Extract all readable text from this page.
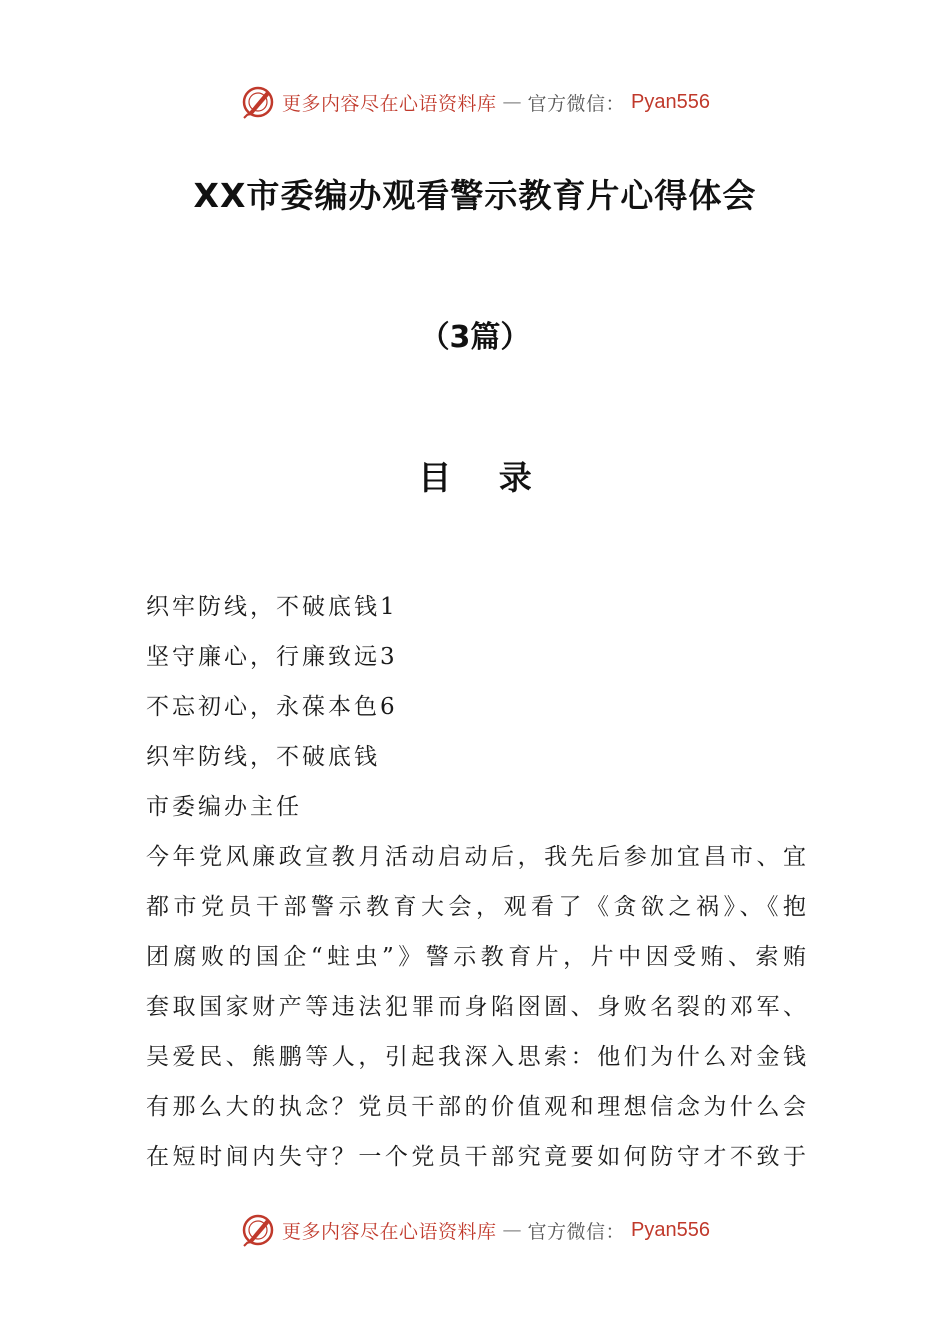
更多内容尽在心语资料库 — 官方微信： Pyan556
XX市委编办观看警示教育片心得体会
（3篇）
目 录
织牢防线，不破底钱1
坚守廉心，行廉致远3
不忘初心，永葆本色6
织牢防线，不破底钱
市委编办主任
今年党风廉政宣教月活动启动后，我先后参加宜昌市、宜
都市党员干部警示教育大会，观看了《贪欲之祸》、《抱
团腐败的国企“蛀虫”》警示教育片，片中因受贿、索贿
套取国家财产等违法犯罪而身陷囹圄、身败名裂的邓军、
吴爱民、熊鹏等人，引起我深入思索：他们为什么对金钱
有那么大的执念？党员干部的价值观和理想信念为什么会
在短时间内失守？一个党员干部究竟要如何防守才不致于
更多内容尽在心语资料库 — 官方微信： Pyan556
